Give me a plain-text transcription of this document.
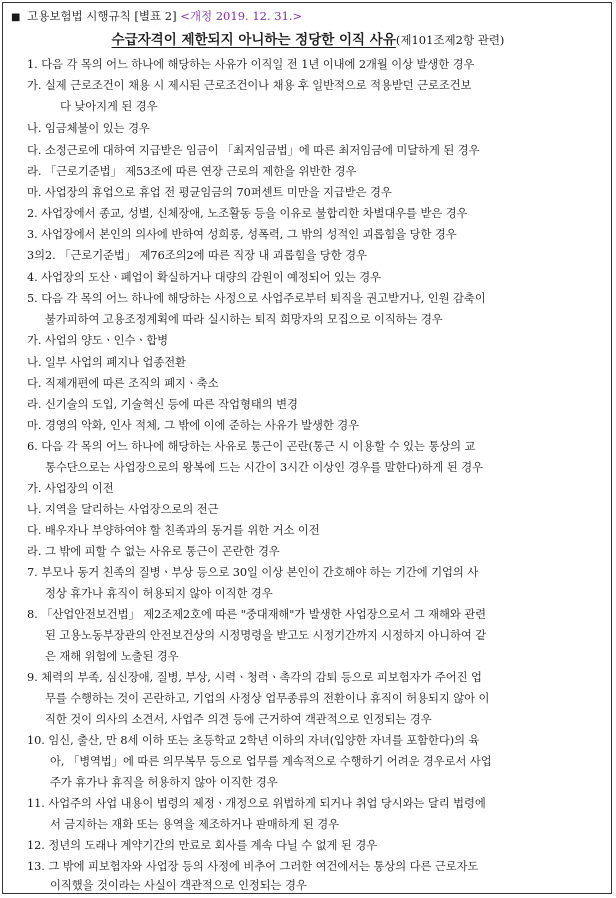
■ 고용보험법 시행규칙 [별표 2] <개정 2019. 12. 31.>
수급자격이 제한되지 아니하는 정당한 이직 사유(제101조제2항 관련)
1. 다음 각 목의 어느 하나에 해당하는 사유가 이직일 전 1년 이내에 2개월 이상 발생한 경우
가. 실제 근로조건이 채용 시 제시된 근로조건이나 채용 후 일반적으로 적용받던 근로조건보
다 낮아지게 된 경우
나. 임금체불이 있는 경우
다. 소정근로에 대하여 지급받은 임금이 「최저임금법」에 따른 최저임금에 미달하게 된 경우
라. 「근로기준법」 제53조에 따른 연장 근로의 제한을 위반한 경우
마. 사업장의 휴업으로 휴업 전 평균임금의 70퍼센트 미만을 지급받은 경우
2. 사업장에서 종교, 성별, 신체장애, 노조활동 등을 이유로 불합리한 차별대우를 받은 경우
3. 사업장에서 본인의 의사에 반하여 성희롱, 성폭력, 그 밖의 성적인 괴롭힘을 당한 경우
3의2. 「근로기준법」 제76조의2에 따른 직장 내 괴롭힘을 당한 경우
4. 사업장의 도산ㆍ폐업이 확실하거나 대량의 감원이 예정되어 있는 경우
5. 다음 각 목의 어느 하나에 해당하는 사정으로 사업주로부터 퇴직을 권고받거나, 인원 감축이
불가피하여 고용조정계획에 따라 실시하는 퇴직 희망자의 모집으로 이직하는 경우
가. 사업의 양도ㆍ인수ㆍ합병
나. 일부 사업의 폐지나 업종전환
다. 직제개편에 따른 조직의 폐지ㆍ축소
라. 신기술의 도입, 기술혁신 등에 따른 작업형태의 변경
마. 경영의 악화, 인사 적체, 그 밖에 이에 준하는 사유가 발생한 경우
6. 다음 각 목의 어느 하나에 해당하는 사유로 통근이 곤란(통근 시 이용할 수 있는 통상의 교
통수단으로는 사업장으로의 왕복에 드는 시간이 3시간 이상인 경우를 말한다)하게 된 경우
가. 사업장의 이전
나. 지역을 달리하는 사업장으로의 전근
다. 배우자나 부양하여야 할 친족과의 동거를 위한 거소 이전
라. 그 밖에 피할 수 없는 사유로 통근이 곤란한 경우
7. 부모나 동거 친족의 질병ㆍ부상 등으로 30일 이상 본인이 간호해야 하는 기간에 기업의 사
정상 휴가나 휴직이 허용되지 않아 이직한 경우
8. 「산업안전보건법」 제2조제2호에 따른 "중대재해"가 발생한 사업장으로서 그 재해와 관련
된 고용노동부장관의 안전보건상의 시정명령을 받고도 시정기간까지 시정하지 아니하여 같
은 재해 위험에 노출된 경우
9. 체력의 부족, 심신장애, 질병, 부상, 시력ㆍ청력ㆍ촉각의 감퇴 등으로 피보험자가 주어진 업
무를 수행하는 것이 곤란하고, 기업의 사정상 업무종류의 전환이나 휴직이 허용되지 않아 이
직한 것이 의사의 소견서, 사업주 의견 등에 근거하여 객관적으로 인정되는 경우
10. 임신, 출산, 만 8세 이하 또는 초등학교 2학년 이하의 자녀(입양한 자녀를 포함한다)의 육
아, 「병역법」에 따른 의무복무 등으로 업무를 계속적으로 수행하기 어려운 경우로서 사업
주가 휴가나 휴직을 허용하지 않아 이직한 경우
11. 사업주의 사업 내용이 법령의 제정ㆍ개정으로 위법하게 되거나 취업 당시와는 달리 법령에
서 금지하는 재화 또는 용역을 제조하거나 판매하게 된 경우
12. 정년의 도래나 계약기간의 만료로 회사를 계속 다닐 수 없게 된 경우
13. 그 밖에 피보험자와 사업장 등의 사정에 비추어 그러한 여건에서는 통상의 다른 근로자도
이직했을 것이라는 사실이 객관적으로 인정되는 경우
